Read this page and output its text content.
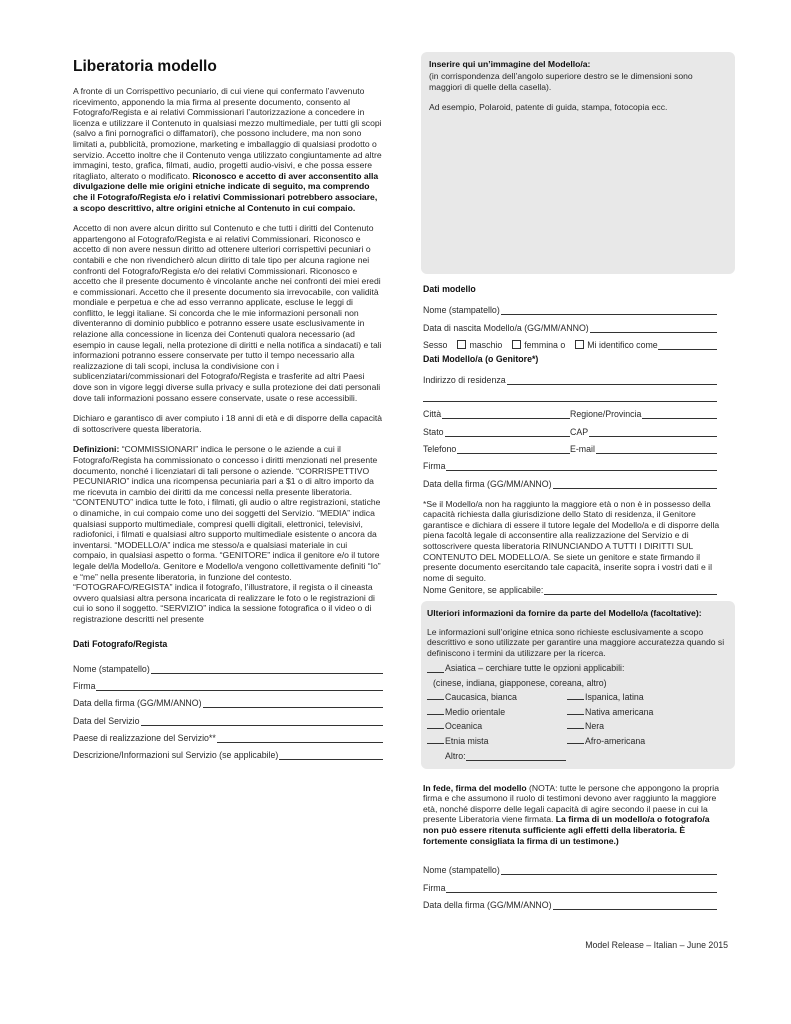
Liberatoria modello

A fronte di un Corrispettivo pecuniario, di cui viene qui confermato l’avvenuto ricevimento, apponendo la mia firma al presente documento, consento al Fotografo/Regista e ai relativi Commissionari l’autorizzazione a concedere in licenza e utilizzare il Contenuto in qualsiasi mezzo multimediale, per tutti gli scopi (salvo a fini pornografici o diffamatori), che possono includere, ma non sono limitati a, pubblicità, promozione, marketing e imballaggio di qualsiasi prodotto o servizio. Accetto inoltre che il Contenuto venga utilizzato congiuntamente ad altre immagini, testo, grafica, filmati, audio, progetti audio-visivi, e che possa essere ritagliato, alterato o modificato. Riconosco e accetto di aver acconsentito alla divulgazione delle mie origini etniche indicate di seguito, ma comprendo che il Fotografo/Regista e/o i relativi Commissionari potrebbero associare, a scopo descrittivo, altre origini etniche al Contenuto in cui compaio.

Accetto di non avere alcun diritto sul Contenuto e che tutti i diritti del Contenuto appartengono al Fotografo/Regista e ai relativi Commissionari. Riconosco e accetto di non avere nessun diritto ad ottenere ulteriori corrispettivi pecuniari o contabili e che non rivendicherò alcun diritto di tale tipo per alcuna ragione nei confronti del Fotografo/Regista e/o dei relativi Commissionari. Riconosco e accetto che il presente documento è vincolante anche nei confronti dei miei eredi e commissionari. Accetto che il presente documento sia irrevocabile, con validità mondiale e perpetua e che ad esso verranno applicate, escluse le leggi di conflitto, le leggi italiane. Si concorda che le mie informazioni personali non diventeranno di dominio pubblico e potranno essere usate esclusivamente in relazione alla concessione in licenza dei Contenuti qualora necessario (ad esempio in cause legali, nella protezione di diritti e nella notifica a sindacati) e tali informazioni potranno essere conservate per tutto il tempo necessario alla realizzazione di tali scopi, inclusa la condivisione con i sublicenziatari/commissionari del Fotografo/Regista e trasferite ad altri Paesi dove son in vigore leggi diverse sulla privacy e sulla protezione dei dati personali dove tali informazioni possano essere conservate, usate o rese accessibili.

Dichiaro e garantisco di aver compiuto i 18 anni di età e di disporre della capacità di sottoscrivere questa liberatoria.

Definizioni: “COMMISSIONARI” indica le persone o le aziende a cui il Fotografo/Regista ha commissionato o concesso i diritti menzionati nel presente documento, nonché i licenziatari di tali persone o aziende. “CORRISPETTIVO PECUNIARIO” indica una ricompensa pecuniaria pari a $1 o di altro importo da me ricevuta in cambio dei diritti da me concessi nella presente liberatoria. “CONTENUTO” indica tutte le foto, i filmati, gli audio o altre registrazioni, statiche o dinamiche, in cui compaio come uno dei soggetti del Servizio. “MEDIA” indica qualsiasi supporto multimediale, compresi quelli digitali, elettronici, televisivi, radiofonici, i filmati e qualsiasi altro supporto multimediale esistente o ancora da inventarsi. “MODELLO/A” indica me stesso/a e qualsiasi materiale in cui compaio, in qualsiasi aspetto o forma. “GENITORE” indica il genitore e/o il tutore legale del/la Modello/a. Genitore e Modello/a vengono collettivamente definiti “Io” e “me” nella presente liberatoria, in funzione del contesto. “FOTOGRAFO/REGISTA” indica il fotografo, l’illustratore, il regista o il cineasta ovvero qualsiasi altra persona incaricata di realizzare le foto o le registrazioni di cui io sono il soggetto. “SERVIZIO” indica la sessione fotografica o il video o di registrazione descritti nel presente

Dati Fotografo/Regista
Nome (stampatello)
Firma
Data della firma (GG/MM/ANNO)
Data del Servizio
Paese di realizzazione del Servizio**
Descrizione/Informazioni sul Servizio (se applicabile)
Inserire qui un’immagine del Modello/a:
(in corrispondenza dell’angolo superiore destro se le dimensioni sono maggiori di quelle della casella).
Ad esempio, Polaroid, patente di guida, stampa, fotocopia ecc.
Dati modello
Nome (stampatello)
Data di nascita Modello/a (GG/MM/ANNO)
Sesso	maschio	femmina o	Mi identifico come
Dati Modello/a (o Genitore*)
Indirizzo di residenza
Città	Regione/Provincia
Stato	CAP
Telefono	E-mail
Firma
Data della firma (GG/MM/ANNO)
*Se il Modello/a non ha raggiunto la maggiore età o non è in possesso della capacità richiesta dalla giurisdizione dello Stato di residenza, il Genitore garantisce e dichiara di essere il tutore legale del Modello/a e di disporre della piena facoltà legale di acconsentire alla realizzazione del Servizio e di sottoscrivere questa liberatoria RINUNCIANDO A TUTTI I DIRITTI SUL CONTENUTO DEL MODELLO/A. Se siete un genitore e state firmando il presente documento esercitando tale capacità, inserite sopra i vostri dati e il nome di seguito.
Nome Genitore, se applicabile:
Ulteriori informazioni da fornire da parte del Modello/a (facoltative):
Le informazioni sull’origine etnica sono richieste esclusivamente a scopo descrittivo e sono utilizzate per garantire una maggiore accuratezza quando si definiscono i termini da utilizzare per la ricerca.
Asiatica – cerchiare tutte le opzioni applicabili:
(cinese, indiana, giapponese, coreana, altro)
Caucasica, bianca	Ispanica, latina
Medio orientale	Nativa americana
Oceanica	Nera
Etnia mista	Afro-americana
Altro:
In fede, firma del modello (NOTA: tutte le persone che appongono la propria firma e che assumono il ruolo di testimoni devono aver raggiunto la maggiore età, nonché disporre delle legali capacità di agire secondo il paese in cui la presente Liberatoria viene firmata. La firma di un modello/a o fotografo/a non può essere ritenuta sufficiente agli effetti della liberatoria. È fortemente consigliata la firma di un testimone.)
Nome (stampatello)
Firma
Data della firma (GG/MM/ANNO)
Model Release – Italian – June 2015
